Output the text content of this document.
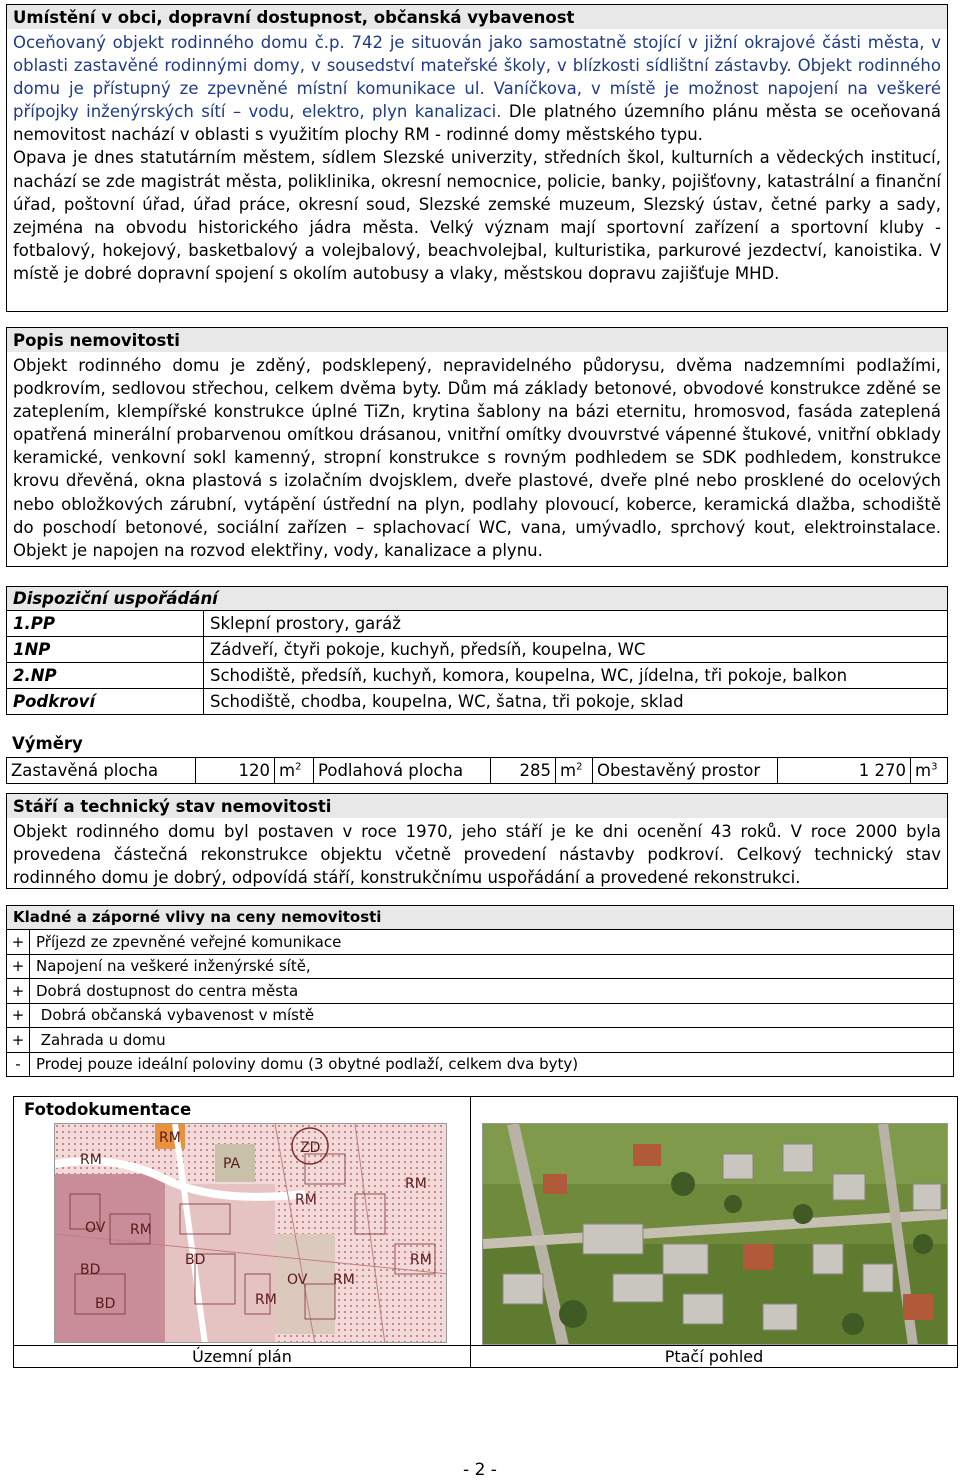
Umístění v obci, dopravní dostupnost, občanská vybavenost

Oceňovaný objekt rodinného domu č.p. 742 je situován jako samostatně stojící v jižní okrajové části města, v oblasti zastavěné rodinnými domy, v sousedství mateřské školy, v blízkosti sídlištní zástavby. Objekt rodinného domu je přístupný ze zpevněné místní komunikace ul. Vaníčkova, v místě je možnost napojení na veškeré přípojky inženýrských sítí – vodu, elektro, plyn kanalizaci. Dle platného územního plánu města se oceňovaná nemovitost nachází v oblasti s využitím plochy RM - rodinné domy městského typu.

Opava je dnes statutárním městem, sídlem Slezské univerzity, středních škol, kulturních a vědeckých institucí, nachází se zde magistrát města, poliklinika, okresní nemocnice, policie, banky, pojišťovny, katastrální a finanční úřad, poštovní úřad, úřad práce, okresní soud, Slezské zemské muzeum, Slezský ústav, četné parky a sady, zejména na obvodu historického jádra města. Velký význam mají sportovní zařízení a sportovní kluby - fotbalový, hokejový, basketbalový a volejbalový, beachvolejbal, kulturistika, parkurové jezdectví, kanoistika. V místě je dobré dopravní spojení s okolím autobusy a vlaky, městskou dopravu zajišťuje MHD.

Popis nemovitosti
Objekt rodinného domu je zděný, podsklepený, nepravidelného půdorysu, dvěma nadzemními podlažími, podkrovím, sedlovou střechou, celkem dvěma byty. Dům má základy betonové, obvodové konstrukce zděné se zateplením, klempířské konstrukce úplné TiZn, krytina šablony na bázi eternitu, hromosvod, fasáda zateplená opatřená minerální probarvenou omítkou drásanou, vnitřní omítky dvouvrstvé vápenné štukové, vnitřní obklady keramické, venkovní sokl kamenný, stropní konstrukce s rovným podhledem se SDK podhledem, konstrukce krovu dřevěná, okna plastová s izolačním dvojsklem, dveře plastové, dveře plné nebo prosklené do ocelových nebo obložkových zárubní, vytápění ústřední na plyn, podlahy plovoucí, koberce, keramická dlažba, schodiště do poschodí betonové, sociální zařízen – splachovací WC, vana, umývadlo, sprchový kout, elektroinstalace. Objekt je napojen na rozvod elektřiny, vody, kanalizace a plynu.
Dispoziční uspořádání	
1.PP	Sklepní prostory, garáž
1NP	Zádveří, čtyři pokoje, kuchyň, předsíň, koupelna, WC
2.NP	Schodiště, předsíň, kuchyň, komora, koupelna, WC, jídelna, tři pokoje, balkon
Podkroví	Schodiště, chodba, koupelna, WC, šatna, tři pokoje, sklad
Výměry
Zastavěná plocha	120	$m^2$	Podlahová plocha	285	$m^2$	Obestavěný prostor	1 270	$m^3$
Stáří a technický stav nemovitosti
Objekt rodinného domu byl postaven v roce 1970, jeho stáří je ke dni ocenění 43 roků. V roce 2000 byla provedena částečná rekonstrukce objektu včetně provedení nástavby podkroví. Celkový technický stav rodinného domu je dobrý, odpovídá stáří, konstrukčnímu uspořádání a provedené rekonstrukci.
Kladné a záporné vlivy na ceny nemovitosti	
+	Příjezd ze zpevněné veřejné komunikace
+	Napojení na veškeré inženýrské sítě,
+	Dobrá dostupnost do centra města
+	Dobrá občanská vybavenost v místě
+	Zahrada u domu
-	Prodej pouze ideální poloviny domu (3 obytné podlaží, celkem dva byty)
Fotodokumentace
RM
RM
PA
ZD
OV RM
RM
RM
BD
OV RM
RM
BD
BD	RM
Územní plán	Ptačí pohled
- 2 -
